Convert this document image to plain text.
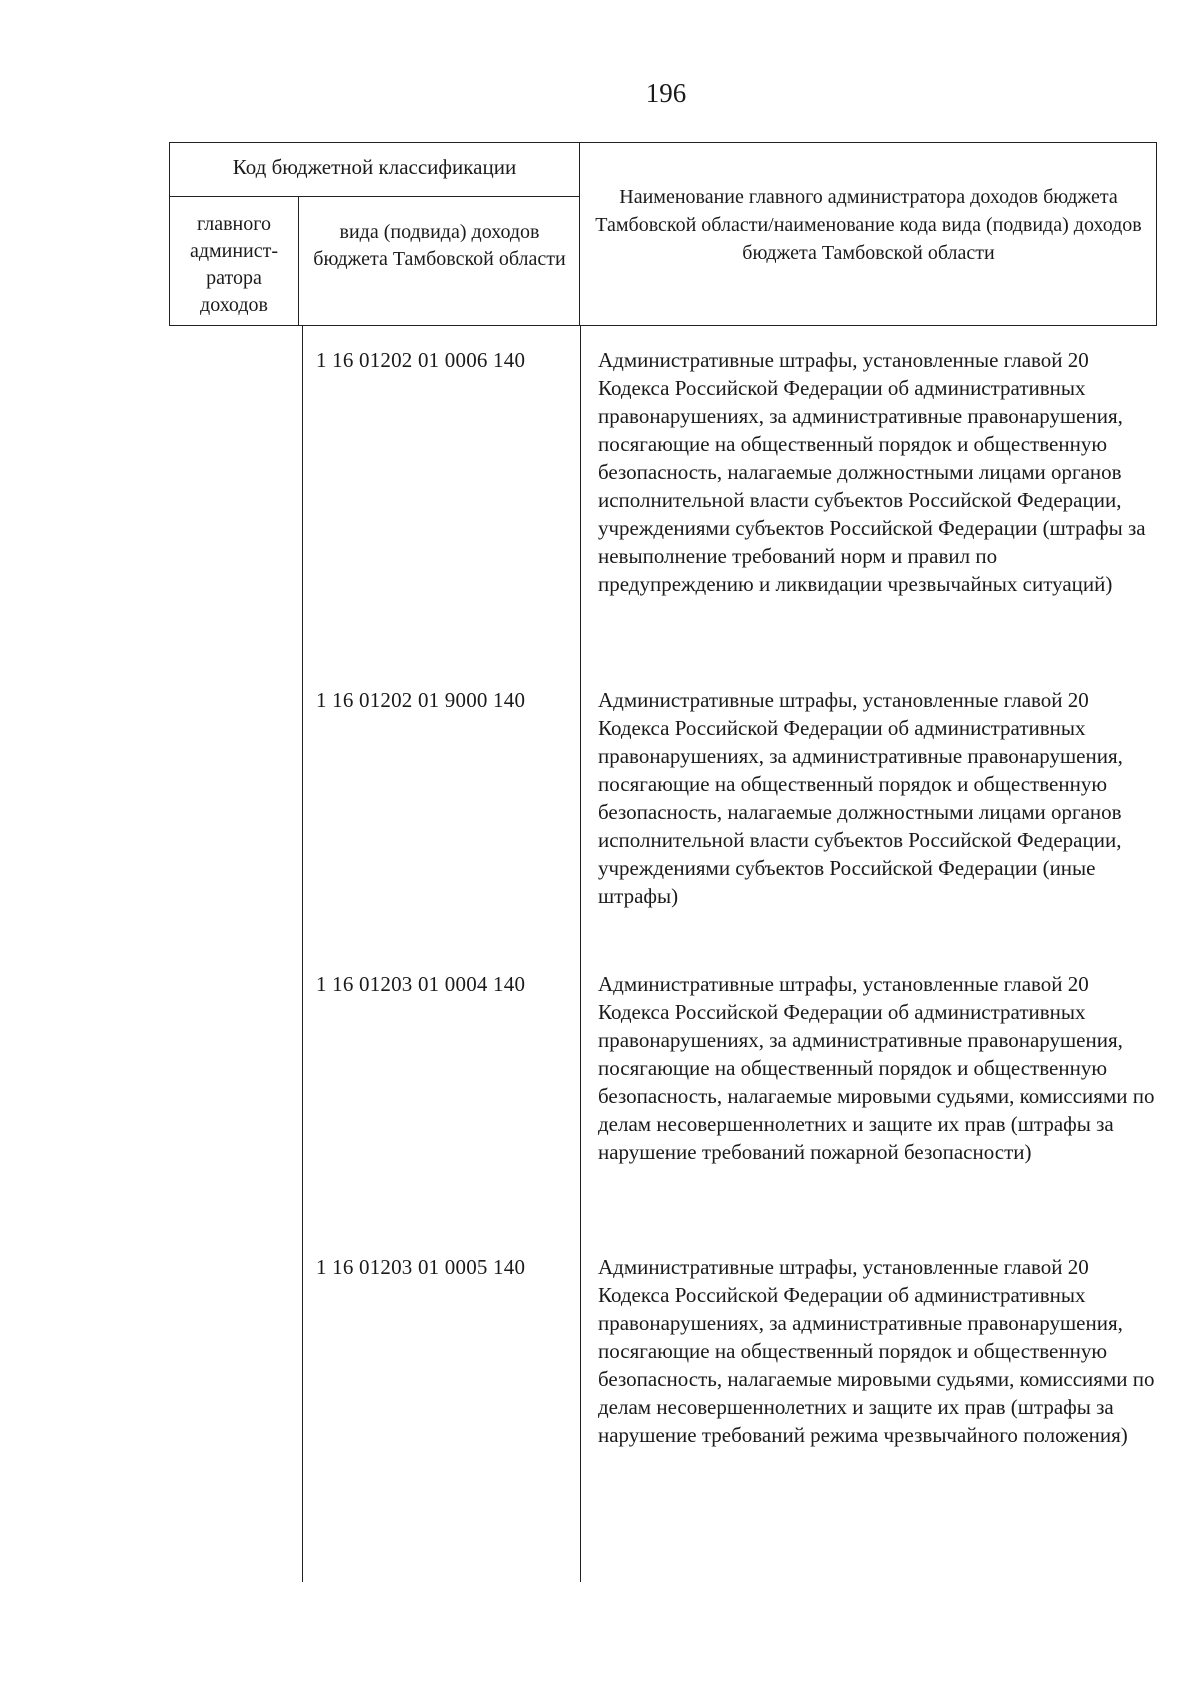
196
Код бюджетной классификации
главного админист-ратора доходов
вида (подвида) доходов бюджета Тамбовской области
Наименование главного администратора доходов бюджета Тамбовской области/наименование кода вида (подвида) доходов бюджета Тамбовской области
1 16 01202 01 0006 140	Административные штрафы, установленные главой 20 Кодекса Российской Федерации об административных правонарушениях, за административные правонарушения, посягающие на общественный порядок и общественную безопасность, налагаемые должностными лицами органов исполнительной власти субъектов Российской Федерации, учреждениями субъектов Российской Федерации (штрафы за невыполнение требований норм и правил по предупреждению и ликвидации чрезвычайных ситуаций)
1 16 01202 01 9000 140	Административные штрафы, установленные главой 20 Кодекса Российской Федерации об административных правонарушениях, за административные правонарушения, посягающие на общественный порядок и общественную безопасность, налагаемые должностными лицами органов исполнительной власти субъектов Российской Федерации, учреждениями субъектов Российской Федерации (иные штрафы)
1 16 01203 01 0004 140	Административные штрафы, установленные главой 20 Кодекса Российской Федерации об административных правонарушениях, за административные правонарушения, посягающие на общественный порядок и общественную безопасность, налагаемые мировыми судьями, комиссиями по делам несовершеннолетних и защите их прав (штрафы за нарушение требований пожарной безопасности)
1 16 01203 01 0005 140	Административные штрафы, установленные главой 20 Кодекса Российской Федерации об административных правонарушениях, за административные правонарушения, посягающие на общественный порядок и общественную безопасность, налагаемые мировыми судьями, комиссиями по делам несовершеннолетних и защите их прав (штрафы за нарушение требований режима чрезвычайного положения)
